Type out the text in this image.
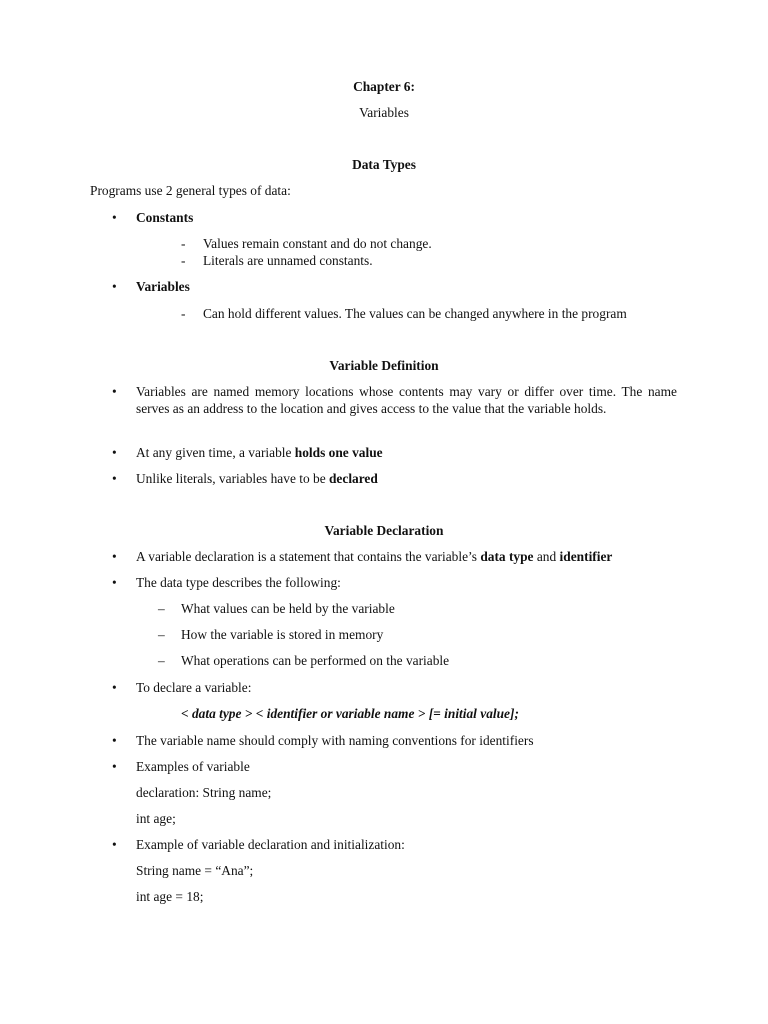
Chapter 6:
Variables
Data Types
Programs use 2 general types of data:
• Constants
- Values remain constant and do not change.
- Literals are unnamed constants.
• Variables
- Can hold different values. The values can be changed anywhere in the program
Variable Definition
• Variables are named memory locations whose contents may vary or differ over time. The name serves as an address to the location and gives access to the value that the variable holds.
• At any given time, a variable holds one value
• Unlike literals, variables have to be declared
Variable Declaration
• A variable declaration is a statement that contains the variable’s data type and identifier
• The data type describes the following:
– What values can be held by the variable
– How the variable is stored in memory
– What operations can be performed on the variable
• To declare a variable:
< data type > < identifier or variable name > [= initial value];
• The variable name should comply with naming conventions for identifiers
• Examples of variable
declaration: String name;
int age;
• Example of variable declaration and initialization:
String name = “Ana”;
int age = 18;
